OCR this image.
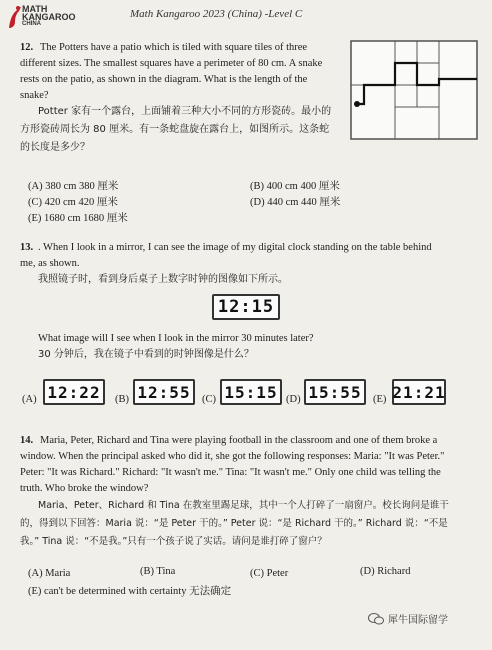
MATH
KANGAROO
CHINA
Math Kangaroo 2023 (China) -Level C
12. The Potters have a patio which is tiled with square tiles of three
different sizes. The smallest squares have a perimeter of 80 cm. A snake
rests on the patio, as shown in the diagram. What is the length of the
snake?
Potter 家有一个露台，上面铺着三种大小不同的方形瓷砖。最小的
方形瓷砖周长为 80 厘米。有一条蛇盘旋在露台上，如图所示。这条蛇
的长度是多少？
(A) 380 cm 380 厘米	(B) 400 cm 400 厘米
(C) 420 cm 420 厘米	(D) 440 cm 440 厘米
(E) 1680 cm 1680 厘米
13. . When I look in a mirror, I can see the image of my digital clock standing on the table behind
me, as shown.
我照镜子时，看到身后桌子上数字时钟的图像如下所示。
12:15
What image will I see when I look in the mirror 30 minutes later?
30 分钟后，我在镜子中看到的时钟图像是什么？
(A) 12:22	(B) 12:55	(C) 15:15 (D) 15:55	(E) 21:21
14. Maria, Peter, Richard and Tina were playing football in the classroom and one of them broke a
window. When the principal asked who did it, she got the following responses: Maria: "It was Peter."
Peter: "It was Richard." Richard: "It wasn't me." Tina: "It wasn't me." Only one child was telling the
truth. Who broke the window?
Maria、Peter、Richard 和 Tina 在教室里踢足球，其中一个人打碎了一扇窗户。校长询问是谁干
的，得到以下回答：Maria 说：“是 Peter 干的。” Peter 说：“是 Richard 干的。” Richard 说：“不是
我。” Tina 说：“不是我。”只有一个孩子说了实话。请问是谁打碎了窗户？
(A) Maria	(B) Tina	(C) Peter	(D) Richard
(E) can't be determined with certainty 无法确定
犀牛国际留学
